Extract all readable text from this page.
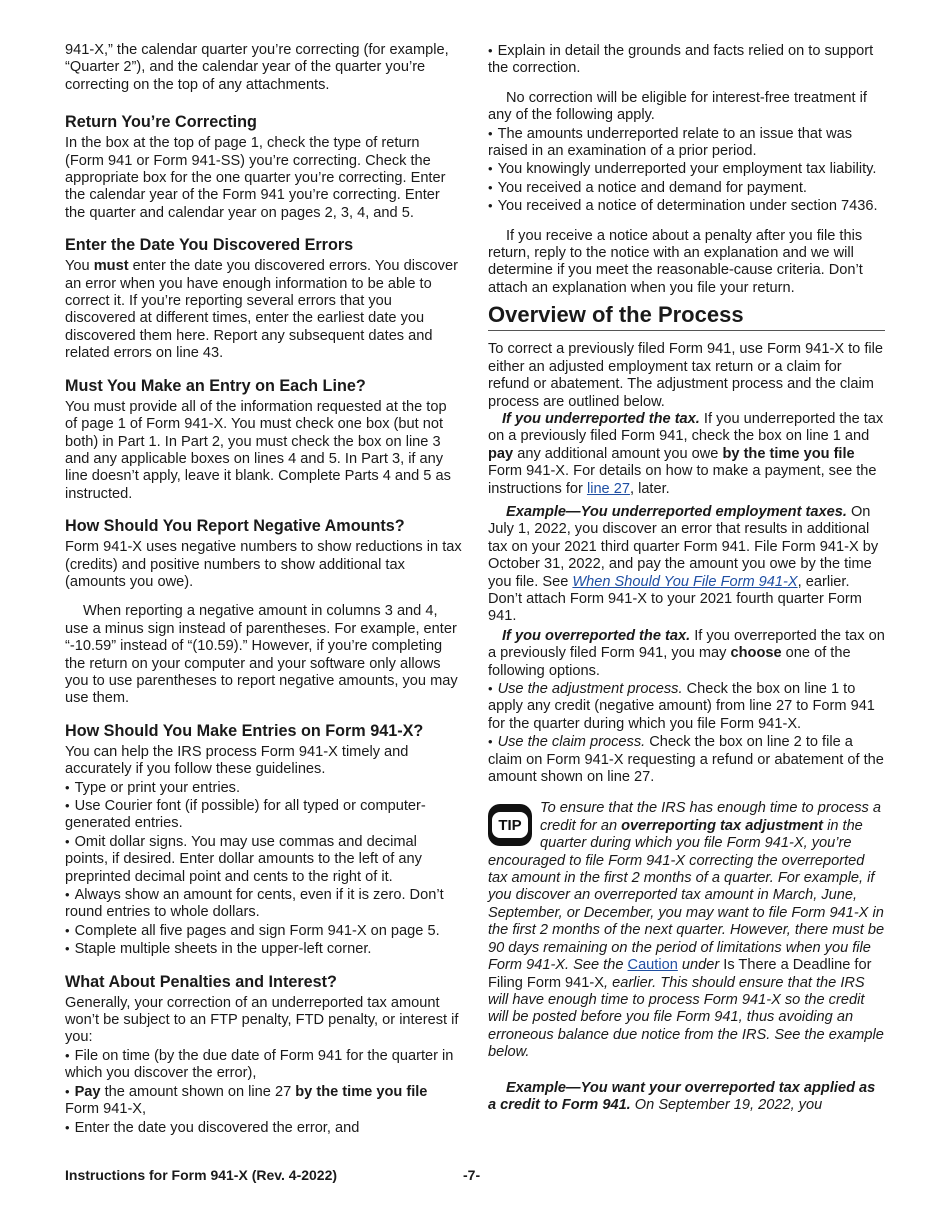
941-X,” the calendar quarter you’re correcting (for example, “Quarter 2”), and the calendar year of the quarter you’re correcting on the top of any attachments.

Return You’re Correcting

In the box at the top of page 1, check the type of return (Form 941 or Form 941-SS) you’re correcting. Check the appropriate box for the one quarter you’re correcting. Enter the calendar year of the Form 941 you’re correcting. Enter the quarter and calendar year on pages 2, 3, 4, and 5.

Enter the Date You Discovered Errors

You must enter the date you discovered errors. You discover an error when you have enough information to be able to correct it. If you’re reporting several errors that you discovered at different times, enter the earliest date you discovered them here. Report any subsequent dates and related errors on line 43.

Must You Make an Entry on Each Line?

You must provide all of the information requested at the top of page 1 of Form 941-X. You must check one box (but not both) in Part 1. In Part 2, you must check the box on line 3 and any applicable boxes on lines 4 and 5. In Part 3, if any line doesn’t apply, leave it blank. Complete Parts 4 and 5 as instructed.

How Should You Report Negative Amounts?

Form 941-X uses negative numbers to show reductions in tax (credits) and positive numbers to show additional tax (amounts you owe).

When reporting a negative amount in columns 3 and 4, use a minus sign instead of parentheses. For example, enter “-10.59” instead of “(10.59).” However, if you’re completing the return on your computer and your software only allows you to use parentheses to report negative amounts, you may use them.

How Should You Make Entries on Form 941-X?

You can help the IRS process Form 941-X timely and accurately if you follow these guidelines.

• Type or print your entries.

• Use Courier font (if possible) for all typed or computer-generated entries.

• Omit dollar signs. You may use commas and decimal points, if desired. Enter dollar amounts to the left of any preprinted decimal point and cents to the right of it.

• Always show an amount for cents, even if it is zero. Don’t round entries to whole dollars.

• Complete all five pages and sign Form 941-X on page 5.

• Staple multiple sheets in the upper-left corner.

What About Penalties and Interest?

Generally, your correction of an underreported tax amount won’t be subject to an FTP penalty, FTD penalty, or interest if you:

• File on time (by the due date of Form 941 for the quarter in which you discover the error),

• Pay the amount shown on line 27 by the time you file Form 941-X,

• Enter the date you discovered the error, and

• Explain in detail the grounds and facts relied on to support the correction.

No correction will be eligible for interest-free treatment if any of the following apply.

• The amounts underreported relate to an issue that was raised in an examination of a prior period.

• You knowingly underreported your employment tax liability.

• You received a notice and demand for payment.

• You received a notice of determination under section 7436.

If you receive a notice about a penalty after you file this return, reply to the notice with an explanation and we will determine if you meet the reasonable-cause criteria. Don’t attach an explanation when you file your return.

Overview of the Process

To correct a previously filed Form 941, use Form 941-X to file either an adjusted employment tax return or a claim for refund or abatement. The adjustment process and the claim process are outlined below.

If you underreported the tax. If you underreported the tax on a previously filed Form 941, check the box on line 1 and pay any additional amount you owe by the time you file Form 941-X. For details on how to make a payment, see the instructions for line 27, later.

Example—You underreported employment taxes. On July 1, 2022, you discover an error that results in additional tax on your 2021 third quarter Form 941. File Form 941-X by October 31, 2022, and pay the amount you owe by the time you file. See When Should You File Form 941-X, earlier. Don’t attach Form 941-X to your 2021 fourth quarter Form 941.

If you overreported the tax. If you overreported the tax on a previously filed Form 941, you may choose one of the following options.

• Use the adjustment process. Check the box on line 1 to apply any credit (negative amount) from line 27 to Form 941 for the quarter during which you file Form 941-X.

• Use the claim process. Check the box on line 2 to file a claim on Form 941-X requesting a refund or abatement of the amount shown on line 27.

TIP

To ensure that the IRS has enough time to process a credit for an overreporting tax adjustment in the quarter during which you file Form 941-X, you’re encouraged to file Form 941-X correcting the overreported tax amount in the first 2 months of a quarter. For example, if you discover an overreported tax amount in March, June, September, or December, you may want to file Form 941-X in the first 2 months of the next quarter. However, there must be 90 days remaining on the period of limitations when you file Form 941-X. See the Caution under Is There a Deadline for Filing Form 941-X, earlier. This should ensure that the IRS will have enough time to process Form 941-X so the credit will be posted before you file Form 941, thus avoiding an erroneous balance due notice from the IRS. See the example below.

Example—You want your overreported tax applied as a credit to Form 941. On September 19, 2022, you

Instructions for Form 941-X (Rev. 4-2022)	-7-
